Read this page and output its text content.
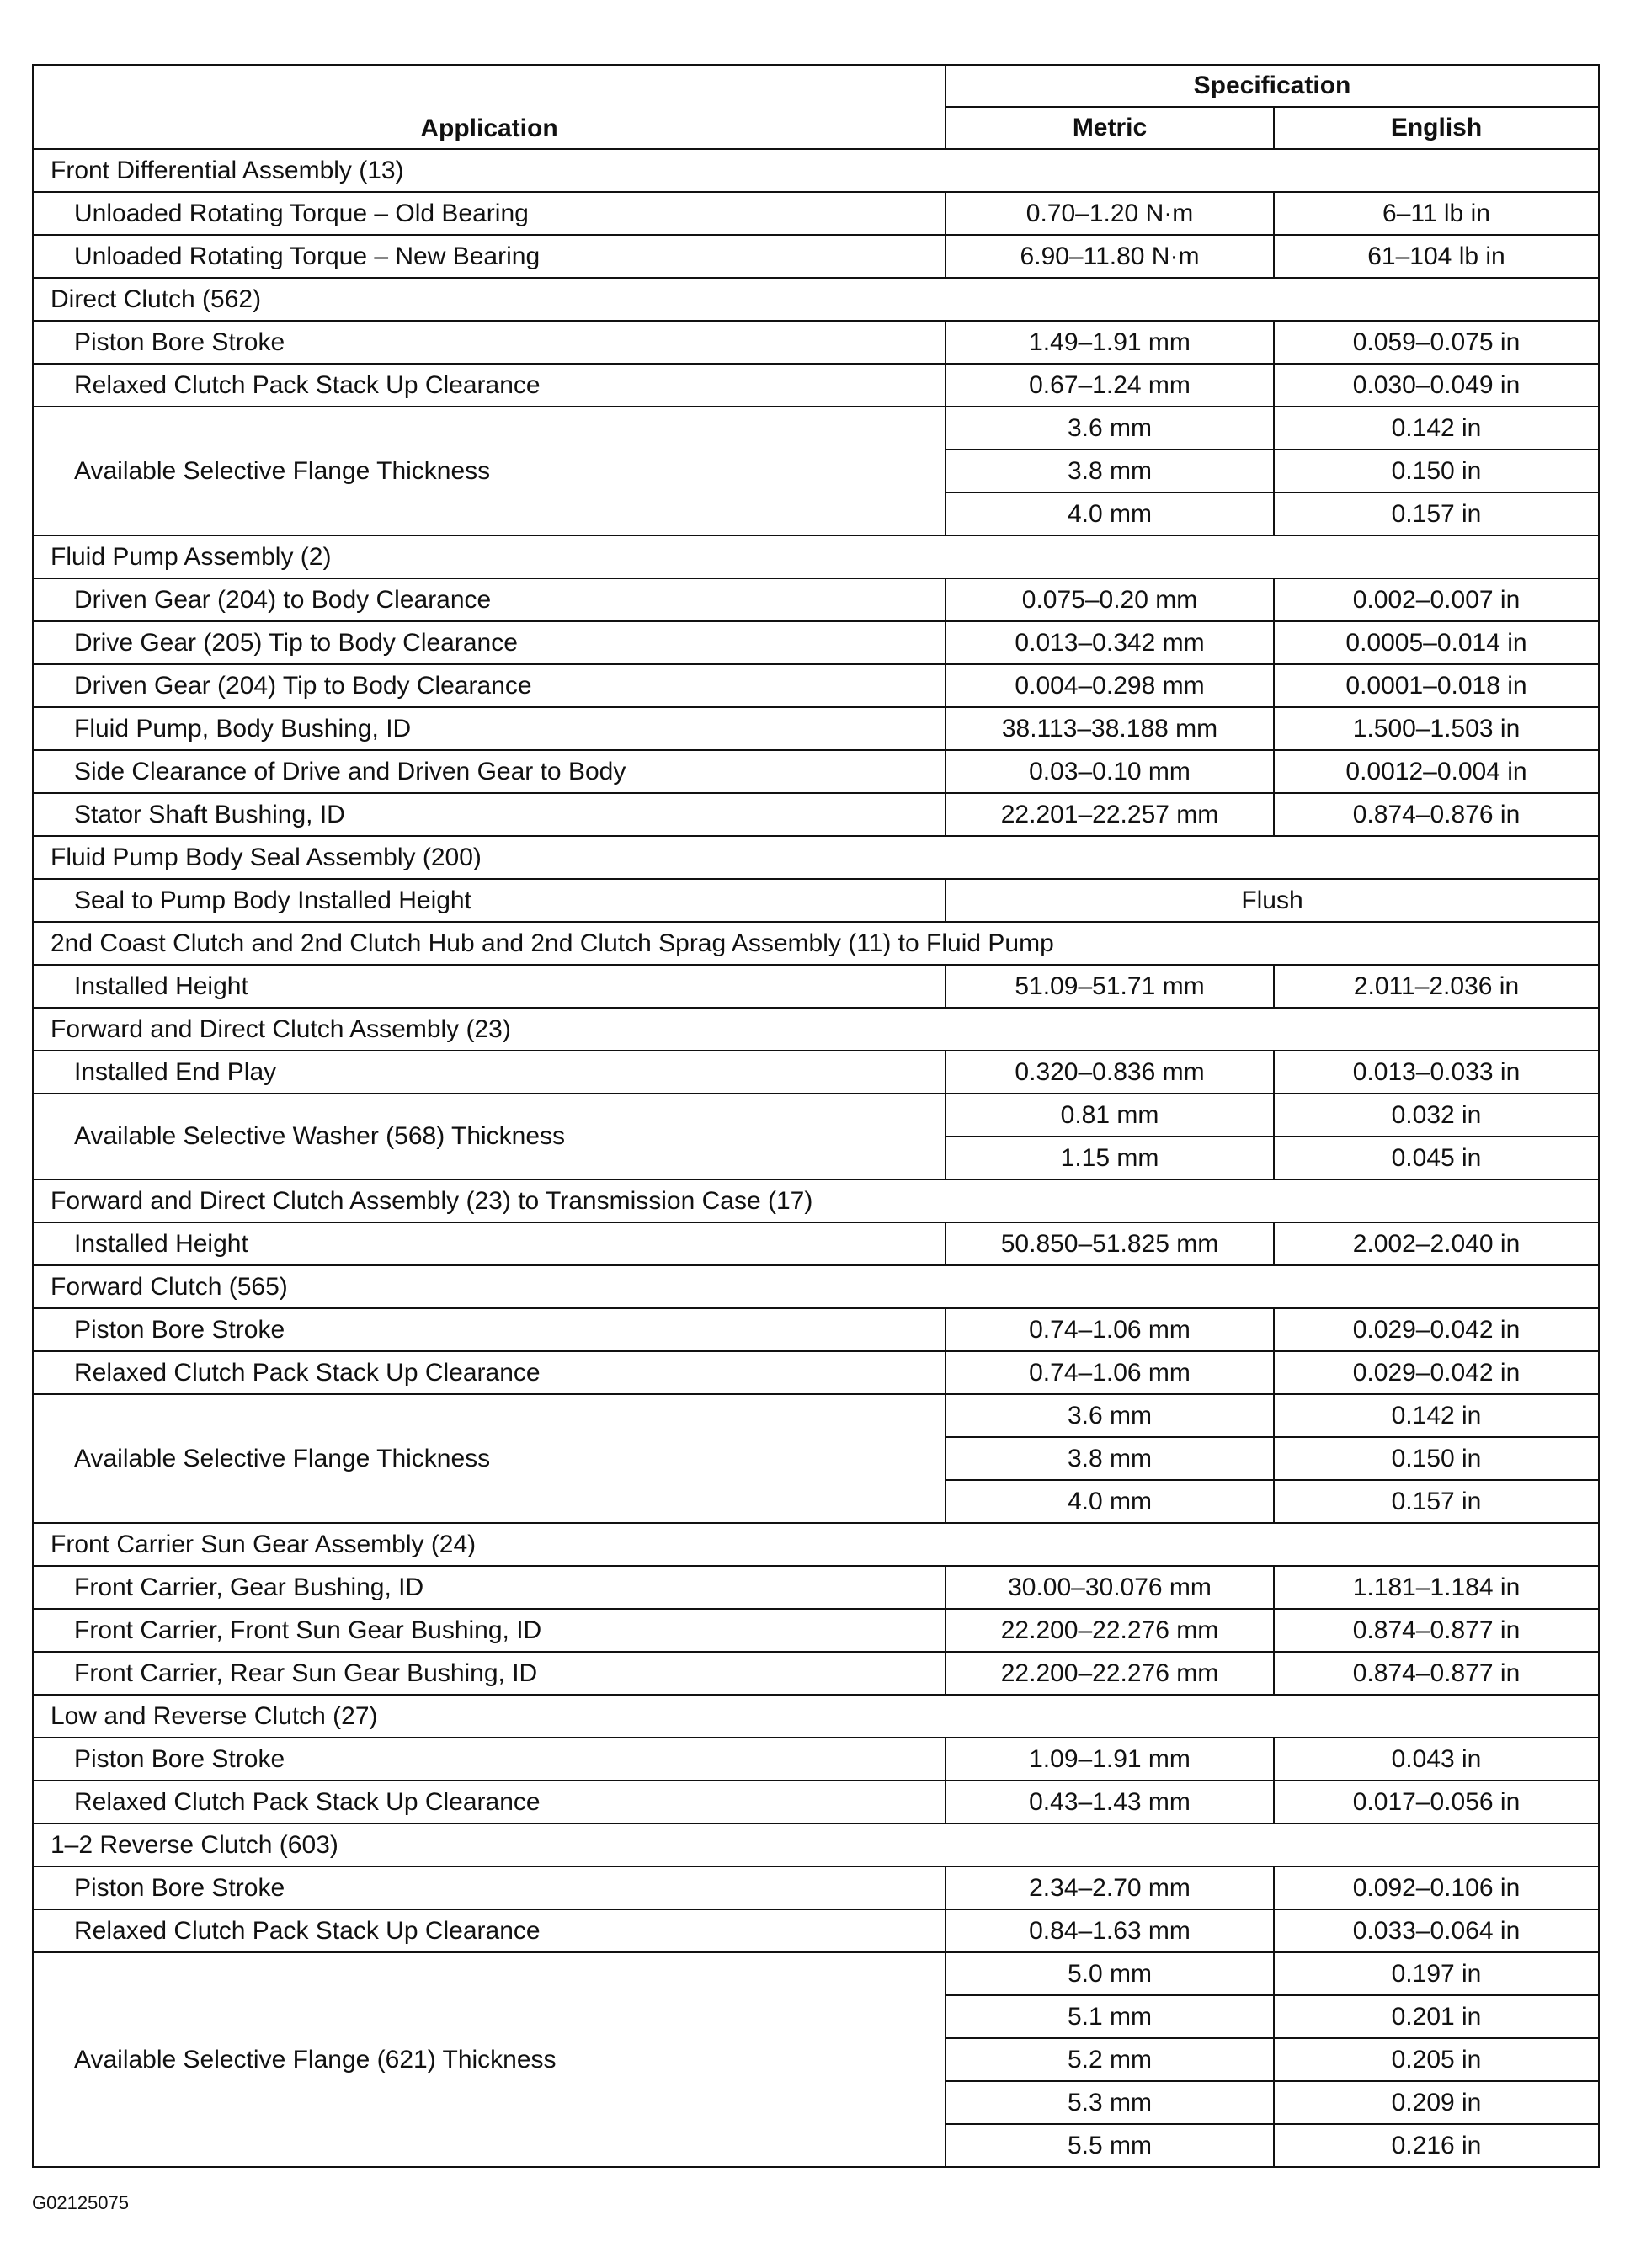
Application	Specification	
	Metric	English
Front Differential Assembly (13)		
Unloaded Rotating Torque – Old Bearing	0.70–1.20 N·m	6–11 lb in
Unloaded Rotating Torque – New Bearing	6.90–11.80 N·m	61–104 lb in
Direct Clutch (562)		
Piston Bore Stroke	1.49–1.91 mm	0.059–0.075 in
Relaxed Clutch Pack Stack Up Clearance	0.67–1.24 mm	0.030–0.049 in
Available Selective Flange Thickness	3.6 mm	0.142 in
	3.8 mm	0.150 in
	4.0 mm	0.157 in
Fluid Pump Assembly (2)		
Driven Gear (204) to Body Clearance	0.075–0.20 mm	0.002–0.007 in
Drive Gear (205) Tip to Body Clearance	0.013–0.342 mm	0.0005–0.014 in
Driven Gear (204) Tip to Body Clearance	0.004–0.298 mm	0.0001–0.018 in
Fluid Pump, Body Bushing, ID	38.113–38.188 mm	1.500–1.503 in
Side Clearance of Drive and Driven Gear to Body	0.03–0.10 mm	0.0012–0.004 in
Stator Shaft Bushing, ID	22.201–22.257 mm	0.874–0.876 in
Fluid Pump Body Seal Assembly (200)		
Seal to Pump Body Installed Height	Flush	
2nd Coast Clutch and 2nd Clutch Hub and 2nd Clutch Sprag Assembly (11) to Fluid Pump		
Installed Height	51.09–51.71 mm	2.011–2.036 in
Forward and Direct Clutch Assembly (23)		
Installed End Play	0.320–0.836 mm	0.013–0.033 in
Available Selective Washer (568) Thickness	0.81 mm	0.032 in
	1.15 mm	0.045 in
Forward and Direct Clutch Assembly (23) to Transmission Case (17)		
Installed Height	50.850–51.825 mm	2.002–2.040 in
Forward Clutch (565)		
Piston Bore Stroke	0.74–1.06 mm	0.029–0.042 in
Relaxed Clutch Pack Stack Up Clearance	0.74–1.06 mm	0.029–0.042 in
Available Selective Flange Thickness	3.6 mm	0.142 in
	3.8 mm	0.150 in
	4.0 mm	0.157 in
Front Carrier Sun Gear Assembly (24)		
Front Carrier, Gear Bushing, ID	30.00–30.076 mm	1.181–1.184 in
Front Carrier, Front Sun Gear Bushing, ID	22.200–22.276 mm	0.874–0.877 in
Front Carrier, Rear Sun Gear Bushing, ID	22.200–22.276 mm	0.874–0.877 in
Low and Reverse Clutch (27)		
Piston Bore Stroke	1.09–1.91 mm	0.043 in
Relaxed Clutch Pack Stack Up Clearance	0.43–1.43 mm	0.017–0.056 in
1–2 Reverse Clutch (603)		
Piston Bore Stroke	2.34–2.70 mm	0.092–0.106 in
Relaxed Clutch Pack Stack Up Clearance	0.84–1.63 mm	0.033–0.064 in
Available Selective Flange (621) Thickness	5.0 mm	0.197 in
	5.1 mm	0.201 in
	5.2 mm	0.205 in
	5.3 mm	0.209 in
	5.5 mm	0.216 in
G02125075
